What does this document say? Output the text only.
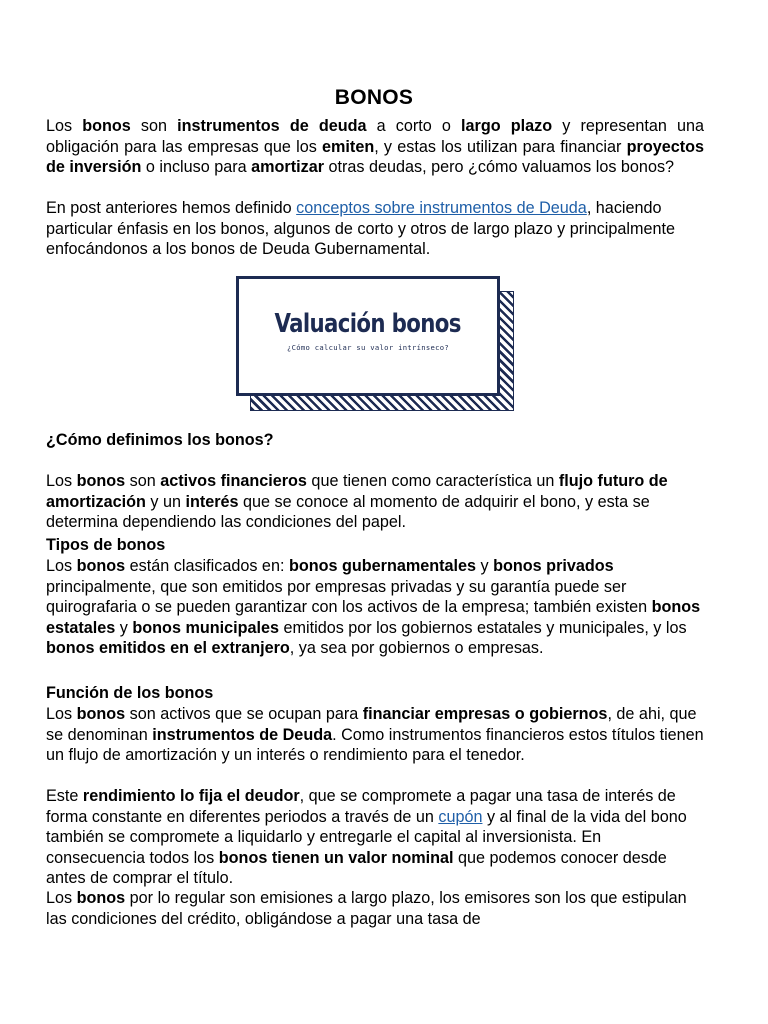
BONOS
Los bonos son instrumentos de deuda a corto o largo plazo y representan una obligación para las empresas que los emiten, y estas los utilizan para financiar proyectos de inversión o incluso para amortizar otras deudas, pero ¿cómo valuamos los bonos?
En post anteriores hemos definido conceptos sobre instrumentos de Deuda, haciendo particular énfasis en los bonos, algunos de corto y otros de largo plazo y principalmente enfocándonos a los bonos de Deuda Gubernamental.
Valuación bonos
¿Cómo calcular su valor intrínseco?
¿Cómo definimos los bonos?
Los bonos son activos financieros que tienen como característica un flujo futuro de amortización y un interés que se conoce al momento de adquirir el bono, y esta se determina dependiendo las condiciones del papel.
Tipos de bonos
Los bonos están clasificados en: bonos gubernamentales y bonos privados principalmente, que son emitidos por empresas privadas y su garantía puede ser quirografaria o se pueden garantizar con los activos de la empresa; también existen bonos estatales y bonos municipales emitidos por los gobiernos estatales y municipales, y los bonos emitidos en el extranjero, ya sea por gobiernos o empresas.
Función de los bonos
Los bonos son activos que se ocupan para financiar empresas o gobiernos, de ahi, que se denominan instrumentos de Deuda. Como instrumentos financieros estos títulos tienen un flujo de amortización y un interés o rendimiento para el tenedor.
Este rendimiento lo fija el deudor, que se compromete a pagar una tasa de interés de forma constante en diferentes periodos a través de un cupón y al final de la vida del bono también se compromete a liquidarlo y entregarle el capital al inversionista. En consecuencia todos los bonos tienen un valor nominal que podemos conocer desde antes de comprar el título.
Los bonos por lo regular son emisiones a largo plazo, los emisores son los que estipulan las condiciones del crédito, obligándose a pagar una tasa de
